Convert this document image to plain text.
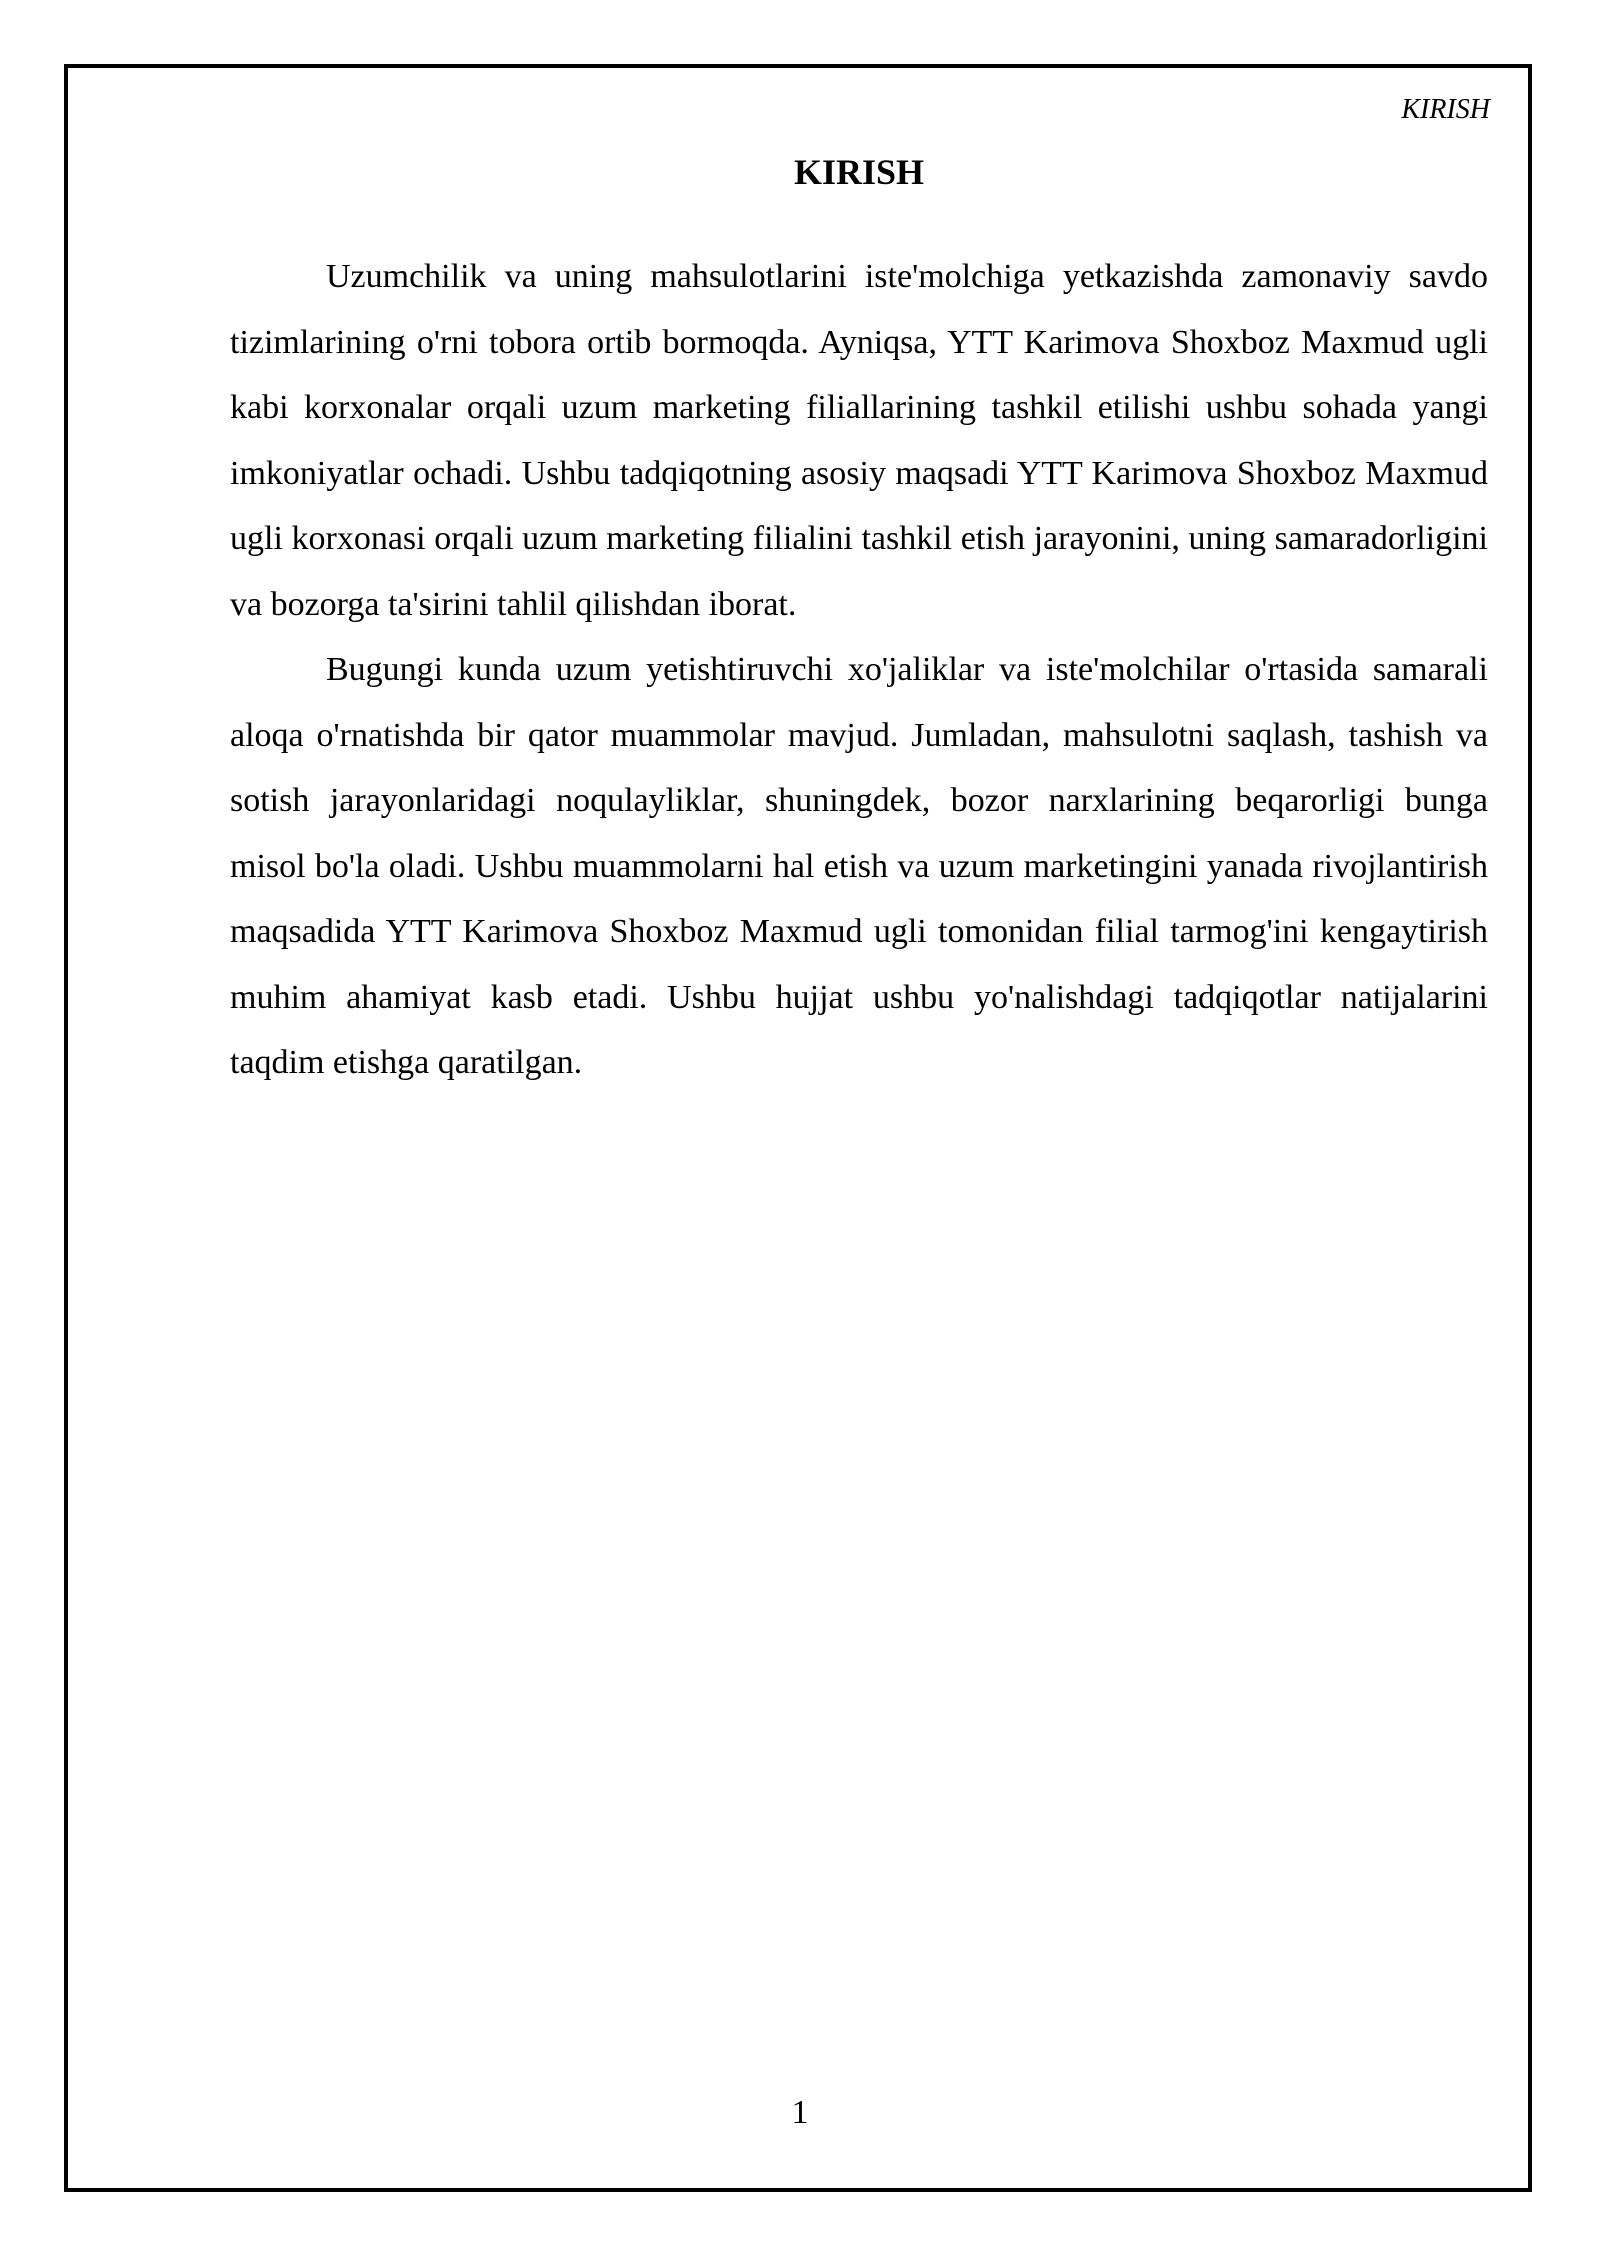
KIRISH
KIRISH

Uzumchilik va uning mahsulotlarini iste'molchiga yetkazishda zamonaviy savdo tizimlarining o'rni tobora ortib bormoqda. Ayniqsa, YTT Karimova Shoxboz Maxmud ugli kabi korxonalar orqali uzum marketing filiallarining tashkil etilishi ushbu sohada yangi imkoniyatlar ochadi. Ushbu tadqiqotning asosiy maqsadi YTT Karimova Shoxboz Maxmud ugli korxonasi orqali uzum marketing filialini tashkil etish jarayonini, uning samaradorligini va bozorga ta'sirini tahlil qilishdan iborat.

Bugungi kunda uzum yetishtiruvchi xo'jaliklar va iste'molchilar o'rtasida samarali aloqa o'rnatishda bir qator muammolar mavjud. Jumladan, mahsulotni saqlash, tashish va sotish jarayonlaridagi noqulayliklar, shuningdek, bozor narxlarining beqarorligi bunga misol bo'la oladi. Ushbu muammolarni hal etish va uzum marketingini yanada rivojlantirish maqsadida YTT Karimova Shoxboz Maxmud ugli tomonidan filial tarmog'ini kengaytirish muhim ahamiyat kasb etadi. Ushbu hujjat ushbu yo'nalishdagi tadqiqotlar natijalarini taqdim etishga qaratilgan.

1
